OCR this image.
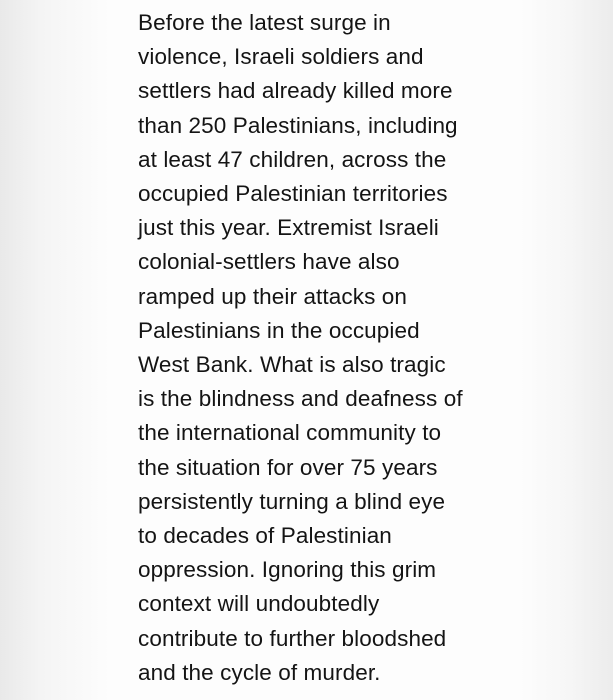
Before the latest surge in
violence, Israeli soldiers and
settlers had already killed more
than 250 Palestinians, including
at least 47 children, across the
occupied Palestinian territories
just this year. Extremist Israeli
colonial-settlers have also
ramped up their attacks on
Palestinians in the occupied
West Bank. What is also tragic
is the blindness and deafness of
the international community to
the situation for over 75 years
persistently turning a blind eye
to decades of Palestinian
oppression. Ignoring this grim
context will undoubtedly
contribute to further bloodshed
and the cycle of murder.
